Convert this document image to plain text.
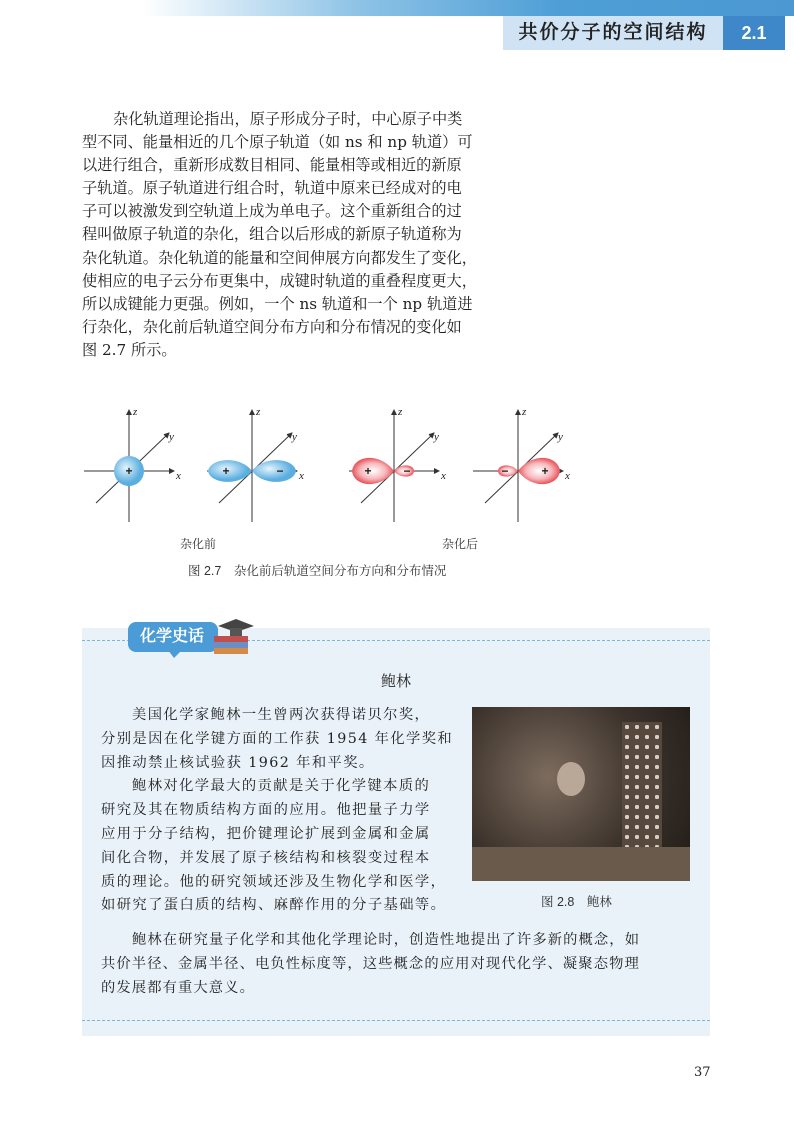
共价分子的空间结构	2.1
杂化轨道理论指出，原子形成分子时，中心原子中类
型不同、能量相近的几个原子轨道（如 ns 和 np 轨道）可
以进行组合，重新形成数目相同、能量相等或相近的新原
子轨道。原子轨道进行组合时，轨道中原来已经成对的电
子可以被激发到空轨道上成为单电子。这个重新组合的过
程叫做原子轨道的杂化，组合以后形成的新原子轨道称为
杂化轨道。杂化轨道的能量和空间伸展方向都发生了变化，
使相应的电子云分布更集中，成键时轨道的重叠程度更大，
所以成键能力更强。例如，一个 ns 轨道和一个 np 轨道进
行杂化，杂化前后轨道空间分布方向和分布情况的变化如
图 2.7 所示。
+	+	−	+	−	−	+
x
z
y
x
z
y
x
z
y
x
z
y
杂化前	杂化后
图 2.7　杂化前后轨道空间分布方向和分布情况
化学史话
鲍林
美国化学家鲍林一生曾两次获得诺贝尔奖，
分别是因在化学键方面的工作获 1954 年化学奖和
因推动禁止核试验获 1962 年和平奖。
鲍林对化学最大的贡献是关于化学键本质的
研究及其在物质结构方面的应用。他把量子力学
应用于分子结构，把价键理论扩展到金属和金属
间化合物，并发展了原子核结构和核裂变过程本
质的理论。他的研究领域还涉及生物化学和医学，
如研究了蛋白质的结构、麻醉作用的分子基础等。
鲍林在研究量子化学和其他化学理论时，创造性地提出了许多新的概念，如
共价半径、金属半径、电负性标度等，这些概念的应用对现代化学、凝聚态物理
的发展都有重大意义。
图 2.8　鲍林
37
